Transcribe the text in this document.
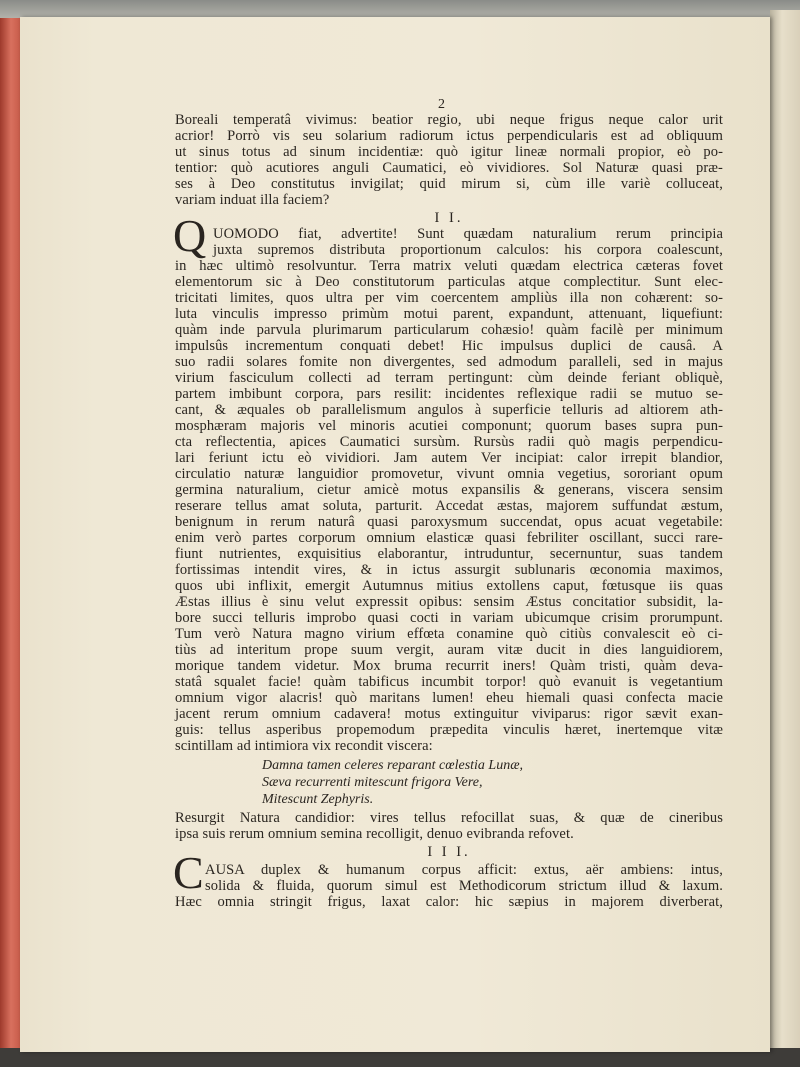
2
Boreali temperatâ vivimus: beatior regio, ubi neque frigus neque calor urit
acrior! Porrò vis seu solarium radiorum ictus perpendicularis est ad obliquum
ut sinus totus ad sinum incidentiæ: quò igitur lineæ normali propior, eò po-
tentior: quò acutiores anguli Caumatici, eò vividiores. Sol Naturæ quasi præ-
ses à Deo constitutus invigilat; quid mirum si, cùm ille variè colluceat,
variam induat illa faciem?
I I.
Q UOMODO fiat, advertite! Sunt quædam naturalium rerum principia
juxta supremos distributa proportionum calculos: his corpora coalescunt,
in hæc ultimò resolvuntur. Terra matrix veluti quædam electrica cæteras fovet
elementorum sic à Deo constitutorum particulas atque complectitur. Sunt elec-
tricitati limites, quos ultra per vim coercentem ampliùs illa non cohærent: so-
luta vinculis impresso primùm motui parent, expandunt, attenuant, liquefiunt:
quàm inde parvula plurimarum particularum cohæsio! quàm facilè per minimum
impulsûs incrementum conquati debet! Hic impulsus duplici de causâ. A
suo radii solares fomite non divergentes, sed admodum paralleli, sed in majus
virium fasciculum collecti ad terram pertingunt: cùm deinde feriant obliquè,
partem imbibunt corpora, pars resilit: incidentes reflexique radii se mutuo se-
cant, & æquales ob parallelismum angulos à superficie telluris ad altiorem ath-
mosphæram majoris vel minoris acutiei componunt; quorum bases supra pun-
cta reflectentia, apices Caumatici sursùm. Rursùs radii quò magis perpendicu-
lari feriunt ictu eò vividiori. Jam autem Ver incipiat: calor irrepit blandior,
circulatio naturæ languidior promovetur, vivunt omnia vegetius, sororiant opum
germina naturalium, cietur amicè motus expansilis & generans, viscera sensim
reserare tellus amat soluta, parturit. Accedat æstas, majorem suffundat æstum,
benignum in rerum naturâ quasi paroxysmum succendat, opus acuat vegetabile:
enim verò partes corporum omnium elasticæ quasi febriliter oscillant, succi rare-
fiunt nutrientes, exquisitius elaborantur, intruduntur, secernuntur, suas tandem
fortissimas intendit vires, & in ictus assurgit sublunaris œconomia maximos,
quos ubi inflixit, emergit Autumnus mitius extollens caput, fœtusque iis quas
Æstas illius è sinu velut expressit opibus: sensim Æstus concitatior subsidit, la-
bore succi telluris improbo quasi cocti in variam ubicumque crisim prorumpunt.
Tum verò Natura magno virium effœta conamine quò citiùs convalescit eò ci-
tiùs ad interitum prope suum vergit, auram vitæ ducit in dies languidiorem,
morique tandem videtur. Mox bruma recurrit iners! Quàm tristi, quàm deva-
statâ squalet facie! quàm tabificus incumbit torpor! quò evanuit is vegetantium
omnium vigor alacris! quò maritans lumen! eheu hiemali quasi confecta macie
jacent rerum omnium cadavera! motus extinguitur viviparus: rigor sævit exan-
guis: tellus asperibus propemodum præpedita vinculis hæret, inertemque vitæ
scintillam ad intimiora vix recondit viscera:
Damna tamen celeres reparant cœlestia Lunæ,
Sæva recurrenti mitescunt frigora Vere,
Mitescunt Zephyris.
Resurgit Natura candidior: vires tellus refocillat suas, & quæ de cineribus
ipsa suis rerum omnium semina recolligit, denuo evibranda refovet.
I I I.
C AUSA duplex & humanum corpus afficit: extus, aër ambiens: intus,
solida & fluida, quorum simul est Methodicorum strictum illud & laxum.
Hæc omnia stringit frigus, laxat calor: hic sæpius in majorem diverberat,
